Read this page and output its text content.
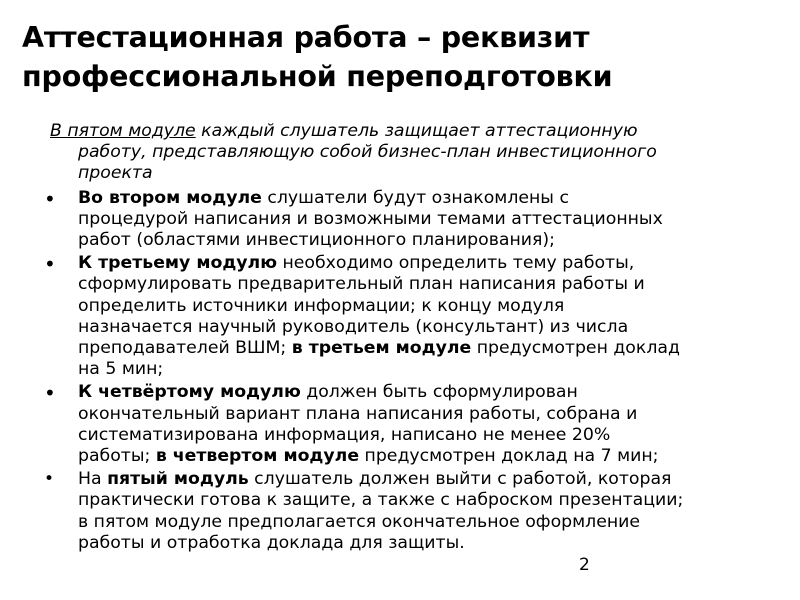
Аттестационная работа – реквизит
профессиональной переподготовки

В пятом модуле каждый слушатель защищает аттестационную
работу, представляющую собой бизнес-план инвестиционного
проекта

•	Во втором модуле слушатели будут ознакомлены с
процедурой написания и возможными темами аттестационных
работ (областями инвестиционного планирования);

•	К третьему модулю необходимо определить тему работы,
сформулировать предварительный план написания работы и
определить источники информации; к концу модуля
назначается научный руководитель (консультант) из числа
преподавателей ВШМ; в третьем модуле предусмотрен доклад
на 5 мин;

•	К четвёртому модулю должен быть сформулирован
окончательный вариант плана написания работы, собрана и
систематизирована информация, написано не менее 20%
работы; в четвертом модуле предусмотрен доклад на 7 мин;

•	На пятый модуль слушатель должен выйти с работой, которая
практически готова к защите, а также с наброском презентации;
в пятом модуле предполагается окончательное оформление
работы и отработка доклада для защиты.

2
